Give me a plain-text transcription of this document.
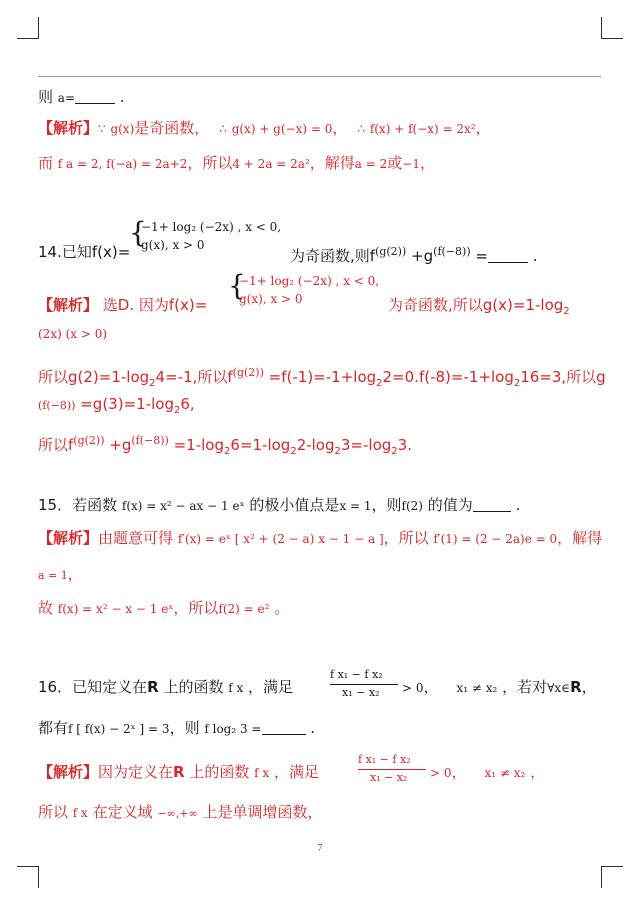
则 a=	.
【解析】∵ g(x)是奇函数， ∴ g(x) + g(−x) = 0， ∴ f(x) + f(−x) = 2x²，
而 f a = 2, f(−a) = 2a+2，所以4 + 2a = 2a²，解得a = 2或−1，
{
−1+ log₂ (−2x) , x < 0,
g(x), x > 0
14.已知f(x)=	为奇函数,则$f^{(g(2))} +g^{(f(-8))}$ =	.
{
−1+ log₂ (−2x) , x < 0,
g(x), x > 0
【解析】 选D. 因为f(x)=	为奇函数,所以$g(x)=1-\log_2$
(2x) (x > 0)
所以$g(2)=1-\log_24=-1$,所以$f^{(g(2))} =f(-1)=-1+\log_22=0.f(-8)=-1+\log_216=3$,所以g
$(f(-8)) =g(3)=1-\log_26$,
所以$f^{(g(2))} +g^{(f(-8))} =1-\log_26=1-\log_22-\log_23=-\log_23$.
15．若函数 f(x) = x² − ax − 1 eˣ 的极小值点是x = 1，则f(2) 的值为	.
【解析】由题意可得 f′(x) = eˣ [ x² + (2 − a) x − 1 − a ]，所以 f′(1) = (2 − 2a)e = 0，解得
a = 1，
故 f(x) = x² − x − 1 eˣ，所以f(2) = e² 。
16．已知定义在R 上的函数 f x ，满足
f x₁ − f x₂
x₁ − x₂ > 0， x₁ ≠ x₂ ，若对∀x∈R，
都有f [ f(x) − 2ˣ ] = 3，则 f log₂ 3 =	.
【解析】因为定义在R 上的函数 f x ，满足
f x₁ − f x₂
x₁ − x₂ > 0， x₁ ≠ x₂ ，
所以 f x 在定义域 −∞,+∞ 上是单调增函数，
7
